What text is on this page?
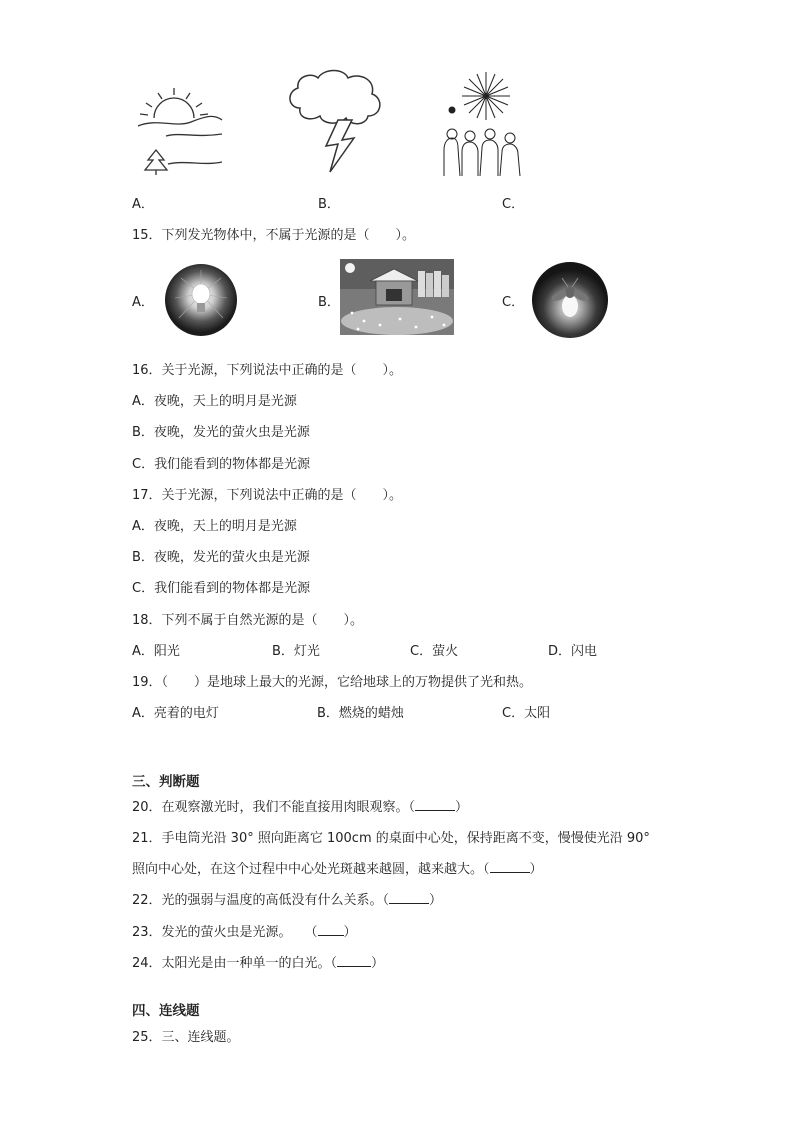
A．	B．	C．
15．下列发光物体中，不属于光源的是（　　）。
A．	B．	C．
16．关于光源，下列说法中正确的是（　　）。
A．夜晚，天上的明月是光源
B．夜晚，发光的萤火虫是光源
C．我们能看到的物体都是光源
17．关于光源，下列说法中正确的是（　　）。
A．夜晚，天上的明月是光源
B．夜晚，发光的萤火虫是光源
C．我们能看到的物体都是光源
18．下列不属于自然光源的是（　　）。
A．阳光	B．灯光	C．萤火	D．闪电
19．（　　）是地球上最大的光源，它给地球上的万物提供了光和热。
A．亮着的电灯	B．燃烧的蜡烛	C．太阳
三、判断题
20．在观察激光时，我们不能直接用肉眼观察。（	）
21．手电筒光沿 30° 照向距离它 100cm 的桌面中心处，保持距离不变，慢慢使光沿 90°
照向中心处，在这个过程中中心处光斑越来越圆，越来越大。（	）
22．光的强弱与温度的高低没有什么关系。（	）
23．发光的萤火虫是光源。　　（ ）
24．太阳光是由一种单一的白光。（	）
四、连线题
25．三、连线题。
